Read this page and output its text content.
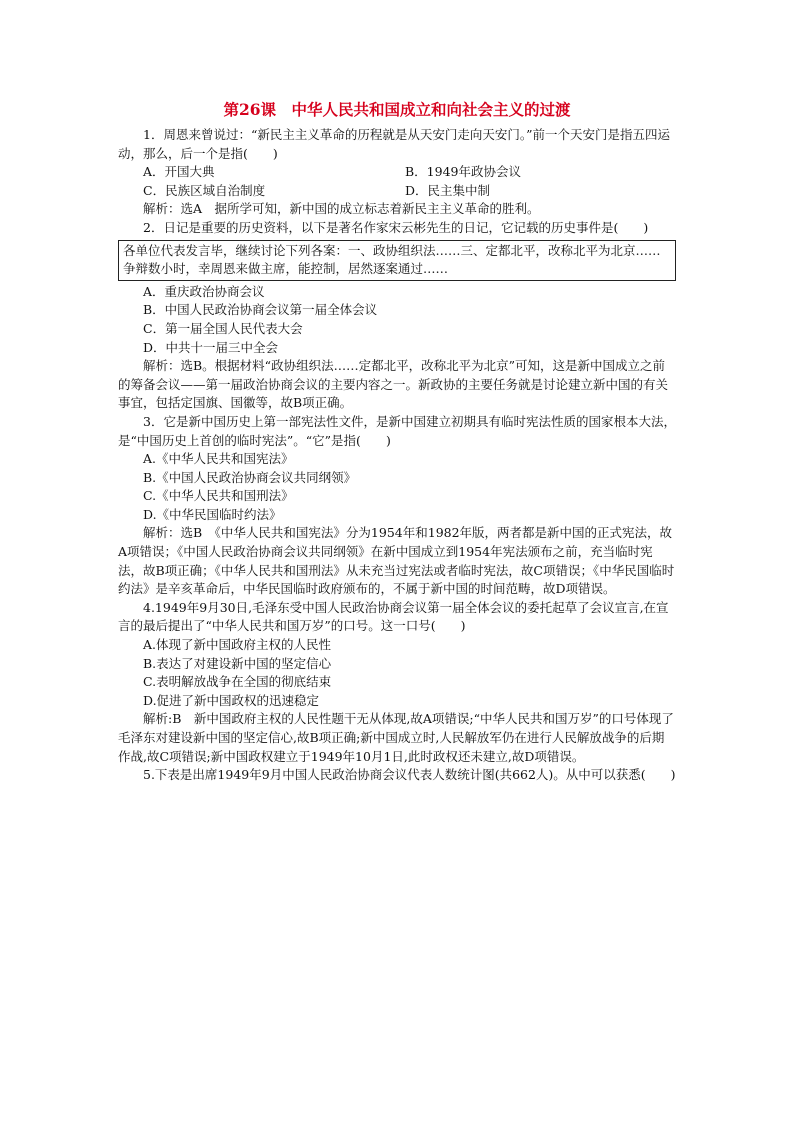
第26课　中华人民共和国成立和向社会主义的过渡

1．周恩来曾说过：“新民主主义革命的历程就是从天安门走向天安门。”前一个天安门是指五四运动，那么，后一个是指(　　)

A．开国大典	B．1949年政协会议
C．民族区域自治制度	D．民主集中制

解析：选A　据所学可知，新中国的成立标志着新民主主义革命的胜利。

2．日记是重要的历史资料，以下是著名作家宋云彬先生的日记，它记载的历史事件是(　　)

各单位代表发言毕，继续讨论下列各案：一、政协组织法……三、定都北平，改称北平为北京……争辩数小时，幸周恩来做主席，能控制，居然逐案通过……

A．重庆政治协商会议

B．中国人民政治协商会议第一届全体会议

C．第一届全国人民代表大会

D．中共十一届三中全会

解析：选B。根据材料“政协组织法……定都北平，改称北平为北京”可知，这是新中国成立之前的筹备会议——第一届政治协商会议的主要内容之一。新政协的主要任务就是讨论建立新中国的有关事宜，包括定国旗、国徽等，故B项正确。

3．它是新中国历史上第一部宪法性文件，是新中国建立初期具有临时宪法性质的国家根本大法，是“中国历史上首创的临时宪法”。“它”是指(　　)

A.《中华人民共和国宪法》

B.《中国人民政治协商会议共同纲领》

C.《中华人民共和国刑法》

D.《中华民国临时约法》

解析：选B　《中华人民共和国宪法》分为1954年和1982年版，两者都是新中国的正式宪法，故A项错误；《中国人民政治协商会议共同纲领》在新中国成立到1954年宪法颁布之前，充当临时宪法，故B项正确；《中华人民共和国刑法》从未充当过宪法或者临时宪法，故C项错误；《中华民国临时约法》是辛亥革命后，中华民国临时政府颁布的，不属于新中国的时间范畴，故D项错误。

4.1949年9月30日,毛泽东受中国人民政治协商会议第一届全体会议的委托起草了会议宣言,在宣言的最后提出了“中华人民共和国万岁”的口号。这一口号(　　)

A.体现了新中国政府主权的人民性

B.表达了对建设新中国的坚定信心

C.表明解放战争在全国的彻底结束

D.促进了新中国政权的迅速稳定

解析:B　新中国政府主权的人民性题干无从体现,故A项错误;“中华人民共和国万岁”的口号体现了毛泽东对建设新中国的坚定信心,故B项正确;新中国成立时,人民解放军仍在进行人民解放战争的后期作战,故C项错误;新中国政权建立于1949年10月1日,此时政权还未建立,故D项错误。

5.下表是出席1949年9月中国人民政治协商会议代表人数统计图(共662人)。从中可以获悉(　　)
